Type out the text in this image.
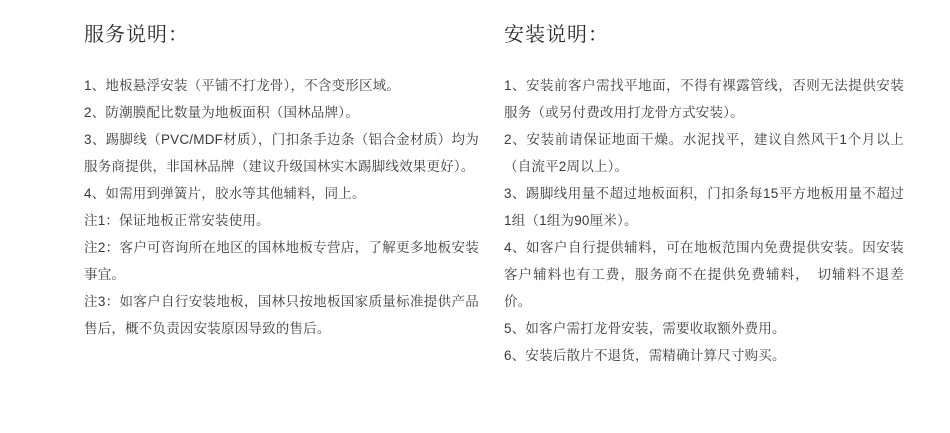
服务说明：

1、地板悬浮安装（平铺不打龙骨），不含变形区域。

2、防潮膜配比数量为地板面积（国林品牌）。

3、踢脚线（PVC/MDF材质），门扣条手边条（铝合金材质）均为服务商提供，非国林品牌（建议升级国林实木踢脚线效果更好）。

4、如需用到弹簧片，胶水等其他辅料，同上。

注1：保证地板正常安装使用。

注2：客户可咨询所在地区的国林地板专营店，了解更多地板安装事宜。

注3：如客户自行安装地板，国林只按地板国家质量标准提供产品售后，概不负责因安装原因导致的售后。

安装说明：

1、安装前客户需找平地面，不得有裸露管线，否则无法提供安装服务（或另付费改用打龙骨方式安装）。

2、安装前请保证地面干燥。水泥找平，建议自然风干1个月以上（自流平2周以上）。

3、踢脚线用量不超过地板面积，门扣条每15平方地板用量不超过1组（1组为90厘米）。

4、如客户自行提供辅料，可在地板范围内免费提供安装。因安装客户辅料也有工费，服务商不在提供免费辅料，　切辅料不退差价。

5、如客户需打龙骨安装，需要收取额外费用。

6、安装后散片不退货，需精确计算尺寸购买。
